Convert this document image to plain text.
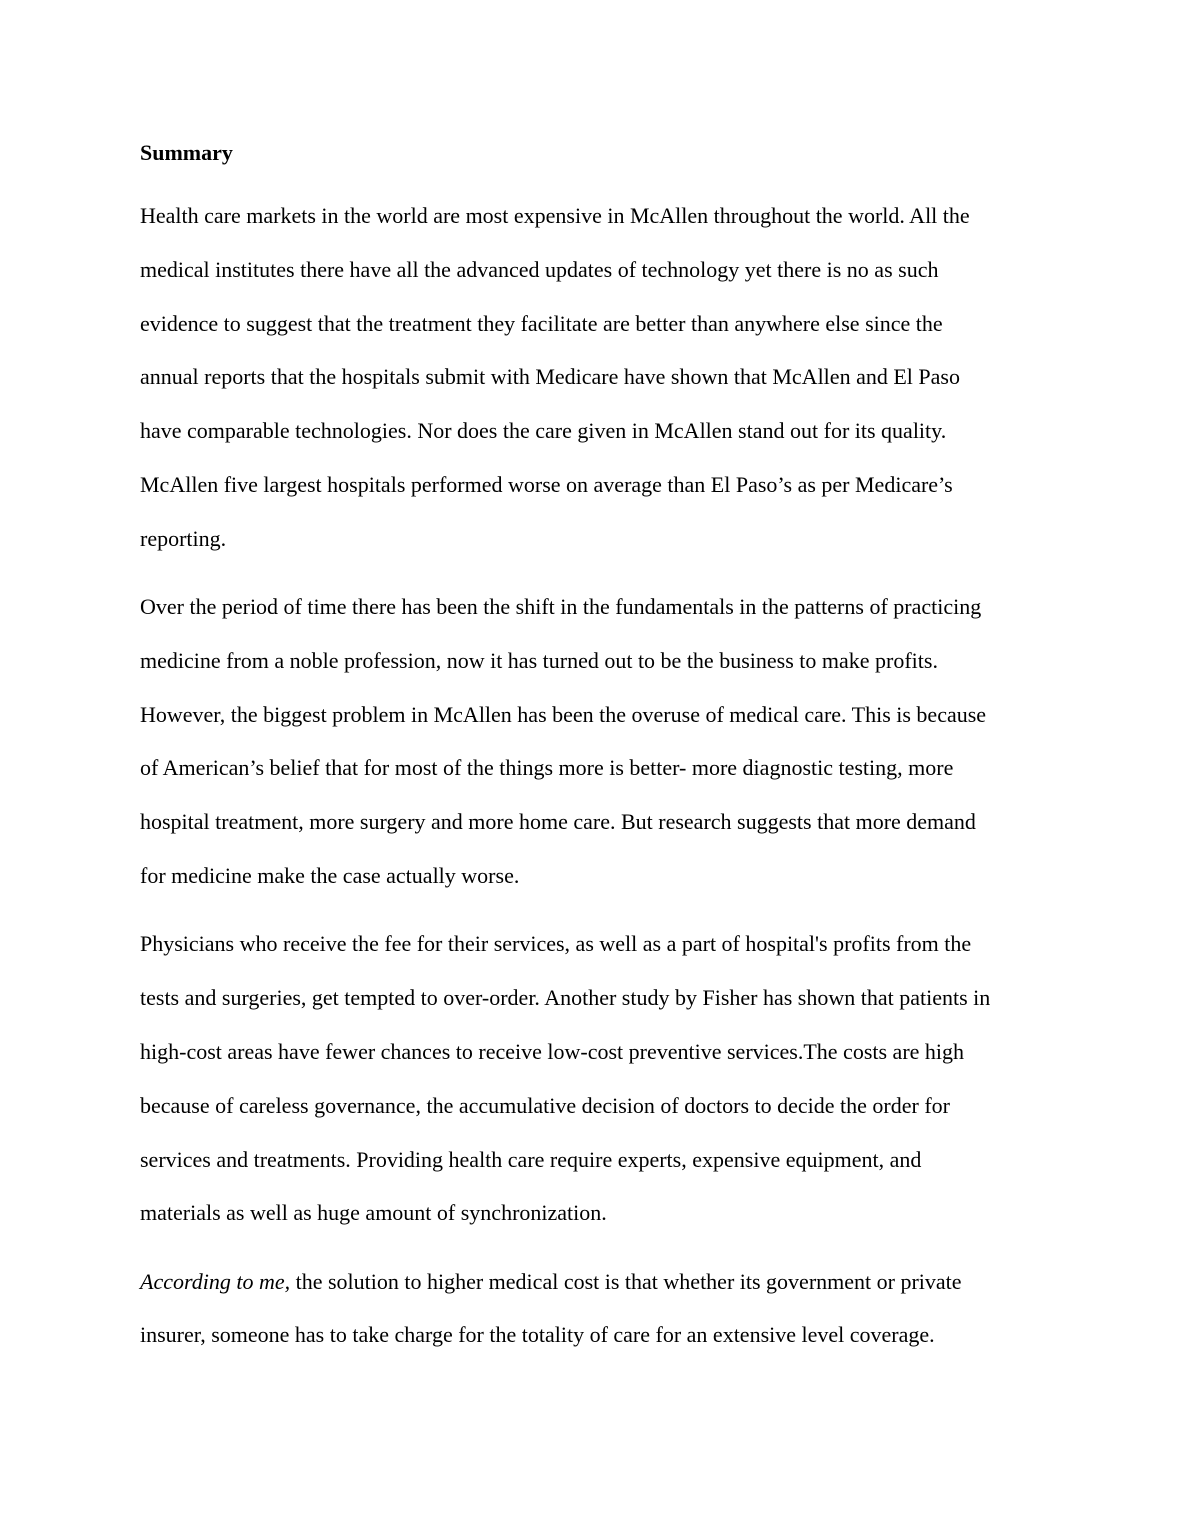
Summary
Health care markets in the world are most expensive in McAllen throughout the world. All the
medical institutes there have all the advanced updates of technology yet there is no as such
evidence to suggest that the treatment they facilitate are better than anywhere else since the
annual reports that the hospitals submit with Medicare have shown that McAllen and El Paso
have comparable technologies. Nor does the care given in McAllen stand out for its quality.
McAllen five largest hospitals performed worse on average than El Paso’s as per Medicare’s
reporting.
Over the period of time there has been the shift in the fundamentals in the patterns of practicing
medicine from a noble profession, now it has turned out to be the business to make profits.
However, the biggest problem in McAllen has been the overuse of medical care. This is because
of American’s belief that for most of the things more is better- more diagnostic testing, more
hospital treatment, more surgery and more home care. But research suggests that more demand
for medicine make the case actually worse.
Physicians who receive the fee for their services, as well as a part of hospital's profits from the
tests and surgeries, get tempted to over-order. Another study by Fisher has shown that patients in
high-cost areas have fewer chances to receive low-cost preventive services.The costs are high
because of careless governance, the accumulative decision of doctors to decide the order for
services and treatments. Providing health care require experts, expensive equipment, and
materials as well as huge amount of synchronization.
According to me, the solution to higher medical cost is that whether its government or private
insurer, someone has to take charge for the totality of care for an extensive level coverage.
